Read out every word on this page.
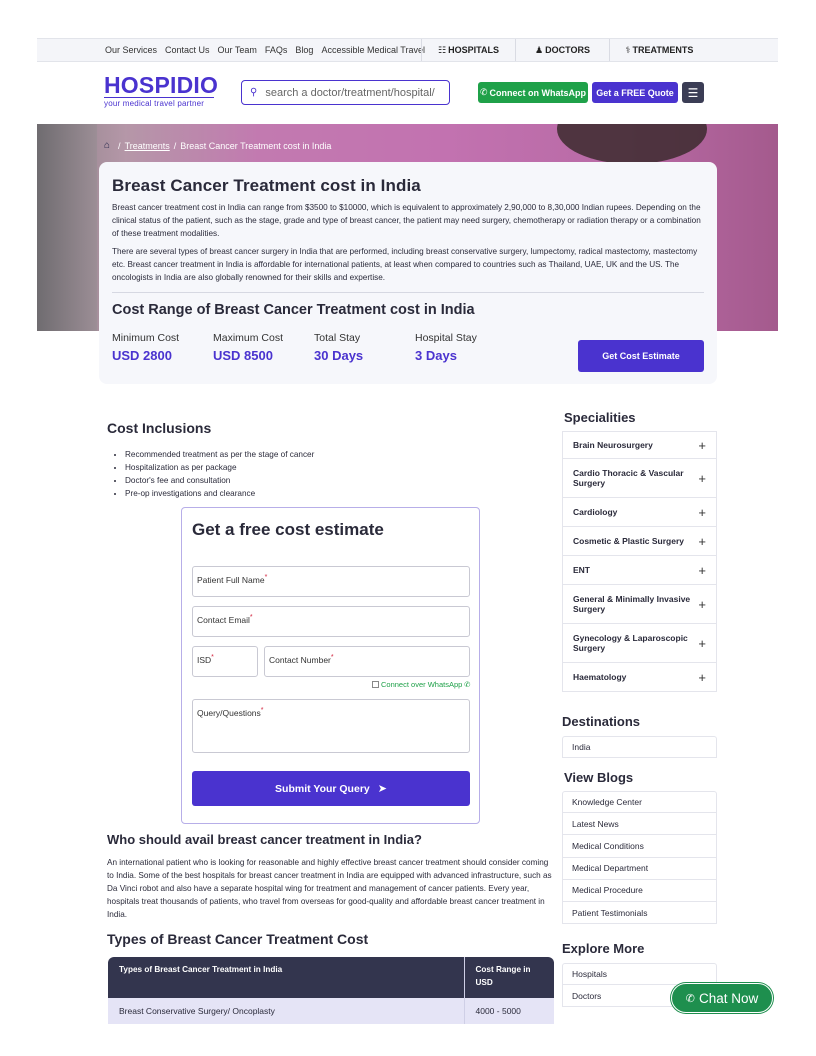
Our Services Contact Us Our Team FAQs Blog Accessible Medical Travel ☷ HOSPITALS	♟ DOCTORS	⚕ TREATMENTS
HOSPIDIO
your medical travel partner
⚲
search a doctor/treatment/hospital/	✆ Connect on WhatsApp	Get a FREE Quote	☰
⌂ / Treatments / Breast Cancer Treatment cost in India
Breast Cancer Treatment cost in India

Breast cancer treatment cost in India can range from $3500 to $10000, which is equivalent to approximately 2,90,000 to 8,30,000 Indian rupees. Depending on the clinical status of the patient, such as the stage, grade and type of breast cancer, the patient may need surgery, chemotherapy or radiation therapy or a combination of these treatment modalities.

There are several types of breast cancer surgery in India that are performed, including breast conservative surgery, lumpectomy, radical mastectomy, mastectomy etc. Breast cancer treatment in India is affordable for international patients, at least when compared to countries such as Thailand, UAE, UK and the US. The oncologists in India are also globally renowned for their skills and expertise.

Cost Range of Breast Cancer Treatment cost in India
Minimum Cost
USD 2800
Maximum Cost
USD 8500
Total Stay
30 Days
Hospital Stay
3 Days	Get Cost Estimate
Cost Inclusions
• Recommended treatment as per the stage of cancer
• Hospitalization as per package
• Doctor's fee and consultation
• Pre-op investigations and clearance
Get a free cost estimate
Patient Full Name*
Contact Email*
ISD*	Contact Number*
Connect over WhatsApp ✆
Query/Questions*
Submit Your Query ➤
Who should avail breast cancer treatment in India?
An international patient who is looking for reasonable and highly effective breast cancer treatment should consider coming to India. Some of the best hospitals for breast cancer treatment in India are equipped with advanced infrastructure, such as Da Vinci robot and also have a separate hospital wing for treatment and management of cancer patients. Every year, hospitals treat thousands of patients, who travel from overseas for good-quality and affordable breast cancer treatment in India.
Types of Breast Cancer Treatment Cost
Types of Breast Cancer Treatment in India	Cost Range in USD
Breast Conservative Surgery/ Oncoplasty	4000 - 5000
Specialities
Brain Neurosurgery	+
Cardio Thoracic & Vascular Surgery	+
Cardiology	+
Cosmetic & Plastic Surgery +
ENT	+
General & Minimally Invasive Surgery	+
Gynecology & Laparoscopic Surgery	+
Haematology	+
Destinations
India
View Blogs
Knowledge Center
Latest News
Medical Conditions
Medical Department
Medical Procedure
Patient Testimonials
Explore More
Hospitals
Doctors	✆ Chat Now
